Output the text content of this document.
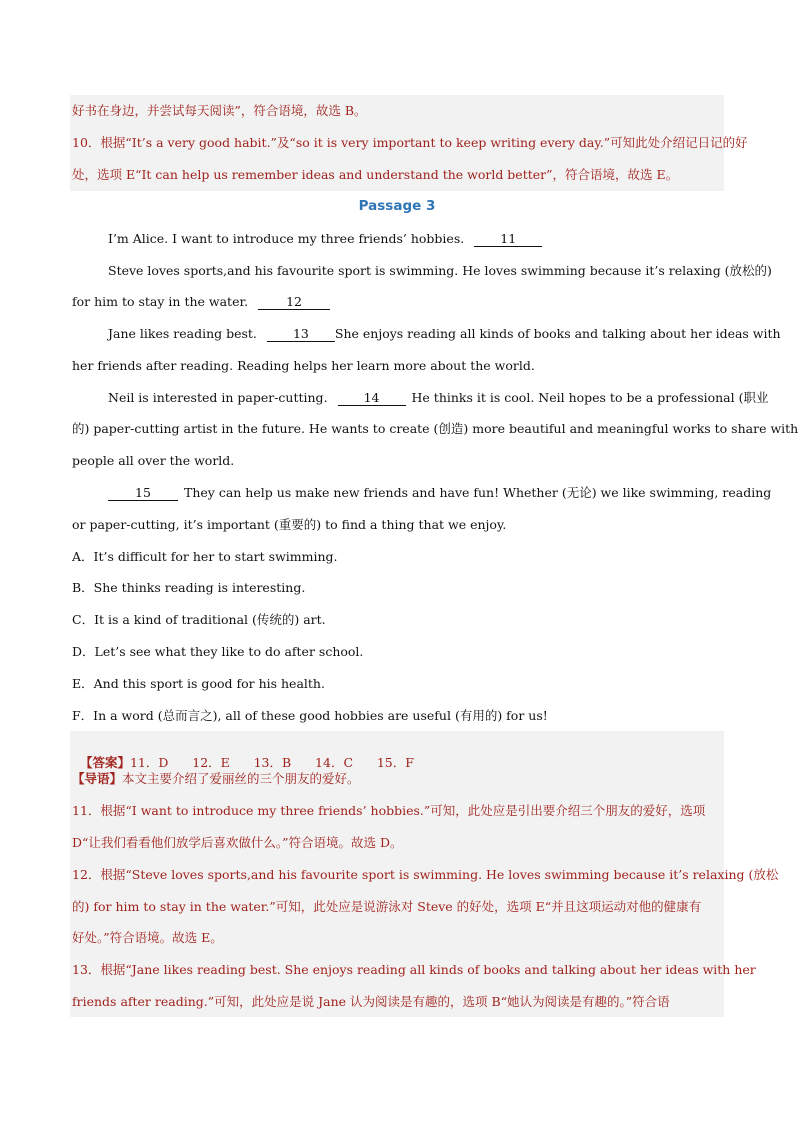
好书在身边，并尝试每天阅读”，符合语境，故选 B。
10．根据“It’s a very good habit.”及“so it is very important to keep writing every day.”可知此处介绍记日记的好
处，选项 E“It can help us remember ideas and understand the world better”，符合语境，故选 E。
Passage 3
I’m Alice. I want to introduce my three friends’ hobbies.	11
Steve loves sports,and his favourite sport is swimming. He loves swimming because it’s relaxing (放松的)
for him to stay in the water.	12
Jane likes reading best.	13 She enjoys reading all kinds of books and talking about her ideas with
her friends after reading. Reading helps her learn more about the world.
Neil is interested in paper-cutting.	14	He thinks it is cool. Neil hopes to be a professional (职业
的) paper-cutting artist in the future. He wants to create (创造) more beautiful and meaningful works to share with
people all over the world.
15	They can help us make new friends and have fun! Whether (无论) we like swimming, reading
or paper-cutting, it’s important (重要的) to find a thing that we enjoy.
A．It’s difficult for her to start swimming.
B．She thinks reading is interesting.
C．It is a kind of traditional (传统的) art.
D．Let’s see what they like to do after school.
E．And this sport is good for his health.
F．In a word (总而言之), all of these good hobbies are useful (有用的) for us!

【答案】11．D      12．E      13．B      14．C      15．F

【导语】本文主要介绍了爱丽丝的三个朋友的爱好。
11．根据“I want to introduce my three friends’ hobbies.”可知，此处应是引出要介绍三个朋友的爱好，选项
D“让我们看看他们放学后喜欢做什么。”符合语境。故选 D。
12．根据“Steve loves sports,and his favourite sport is swimming. He loves swimming because it’s relaxing (放松
的) for him to stay in the water.”可知，此处应是说游泳对 Steve 的好处，选项 E“并且这项运动对他的健康有
好处。”符合语境。故选 E。
13．根据“Jane likes reading best. She enjoys reading all kinds of books and talking about her ideas with her
friends after reading.”可知，此处应是说 Jane 认为阅读是有趣的，选项 B“她认为阅读是有趣的。”符合语
